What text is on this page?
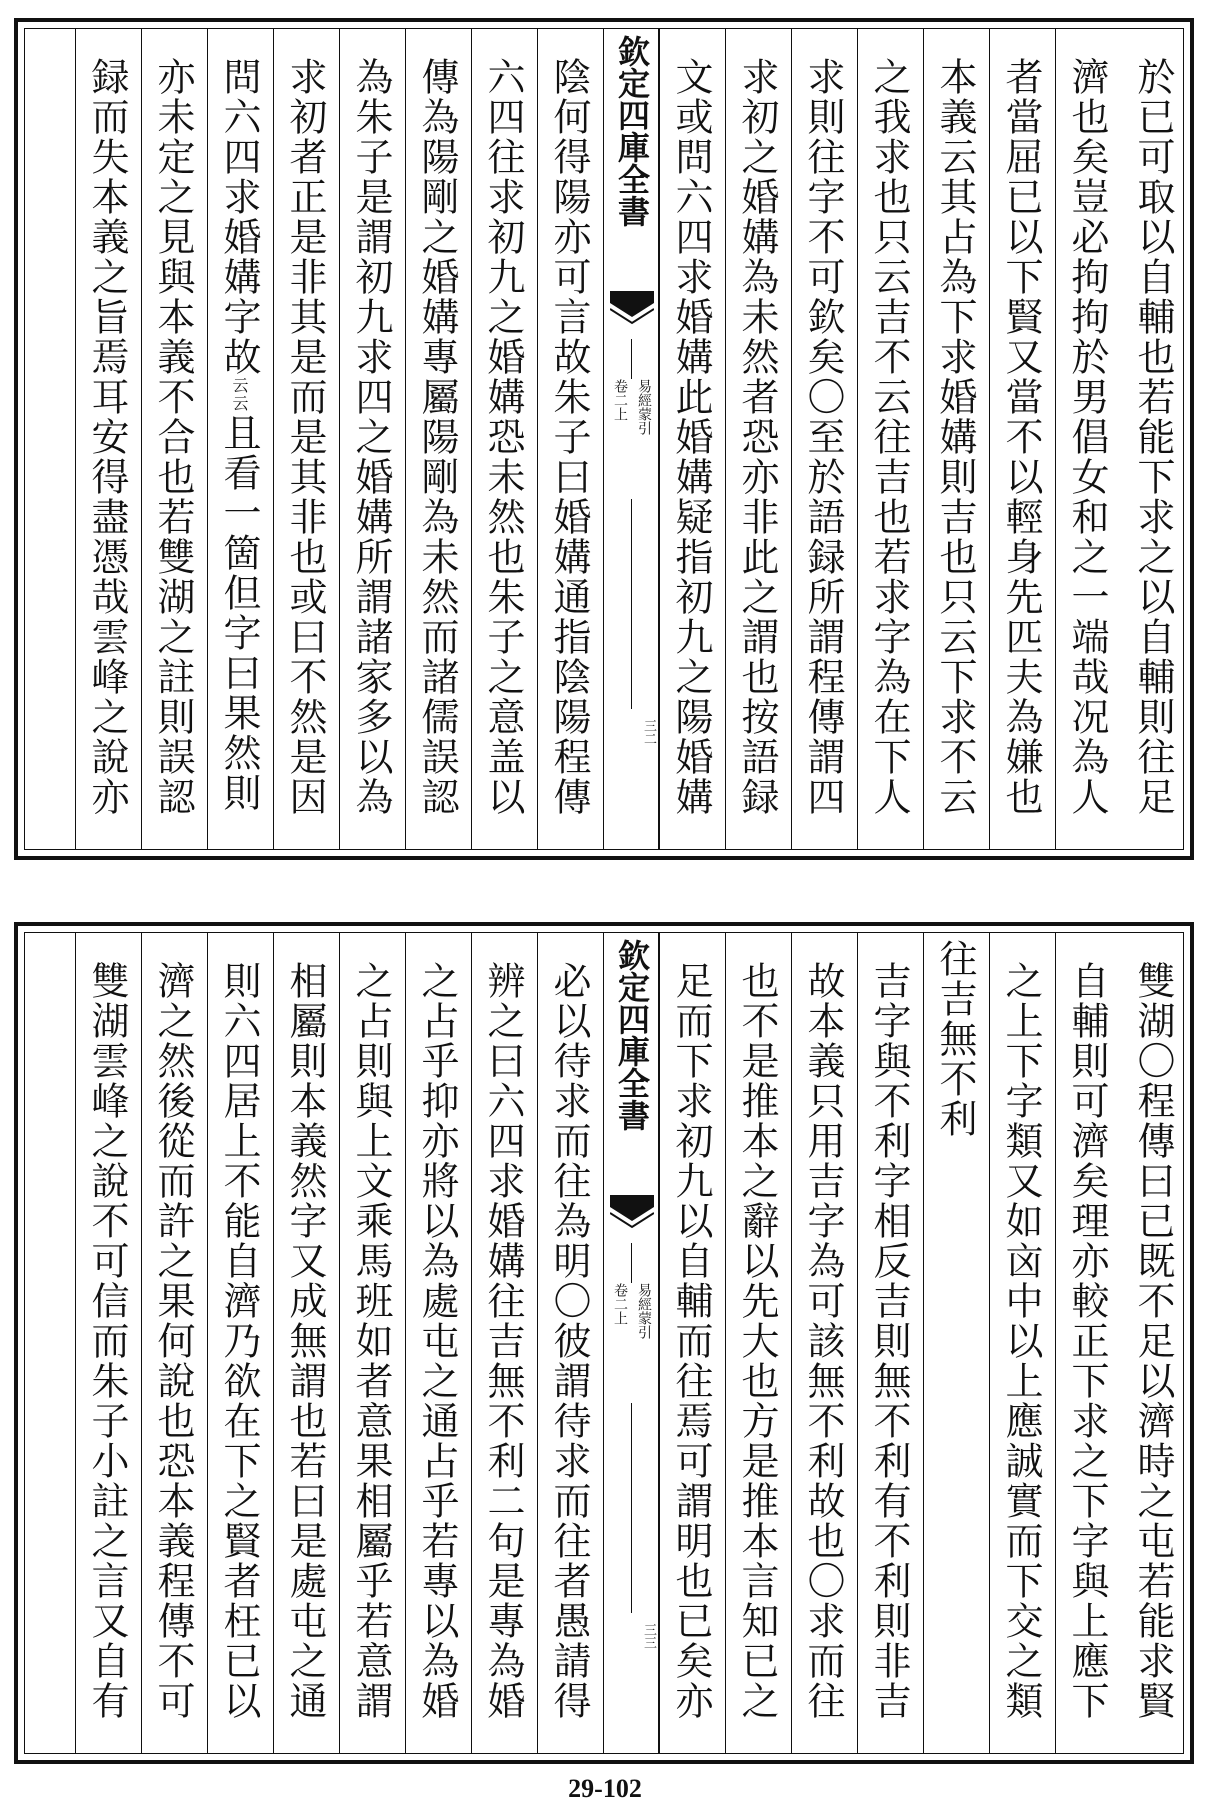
於已可取以自輔也若能下求之以自輔則往足
濟也矣豈必拘拘於男倡女和之一端哉况為人
者當屈已以下賢又當不以輕身先匹夫為嫌也
本義云其占為下求婚媾則吉也只云下求不云
之我求也只云吉不云往吉也若求字為在下人
求則往字不可欽矣〇至於語録所謂程傳謂四
求初之婚媾為未然者恐亦非此之謂也按語録
文或問六四求婚媾此婚媾疑指初九之陽婚媾
欽定四庫全書
易經蒙引
卷二上
三二
陰何得陽亦可言故朱子曰婚媾通指陰陽程傳
六四往求初九之婚媾恐未然也朱子之意盖以
傳為陽剛之婚媾專屬陽剛為未然而諸儒誤認
為朱子是謂初九求四之婚媾所謂諸家多以為
求初者正是非其是而是其非也或曰不然是因
問六四求婚媾字故云云且看一箇但字曰果然則
亦未定之見與本義不合也若雙湖之註則誤認
録而失本義之旨焉耳安得盡憑哉雲峰之說亦
雙湖〇程傳曰已既不足以濟時之屯若能求賢
自輔則可濟矣理亦較正下求之下字與上應下
之上下字類又如㐫中以上應誠實而下交之類
往吉無不利
吉字與不利字相反吉則無不利有不利則非吉
故本義只用吉字為可該無不利故也〇求而往
也不是推本之辭以先大也方是推本言知已之
足而下求初九以自輔而往焉可謂明也已矣亦
欽定四庫全書
易經蒙引
卷二上
三三
必以待求而往為明〇彼謂待求而往者愚請得
辨之曰六四求婚媾往吉無不利二句是專為婚
之占乎抑亦將以為處屯之通占乎若專以為婚
之占則與上文乘馬班如者意果相屬乎若意謂
相屬則本義然字又成無謂也若曰是處屯之通
則六四居上不能自濟乃欲在下之賢者枉已以
濟之然後從而許之果何說也恐本義程傳不可
雙湖雲峰之說不可信而朱子小註之言又自有
29-102
